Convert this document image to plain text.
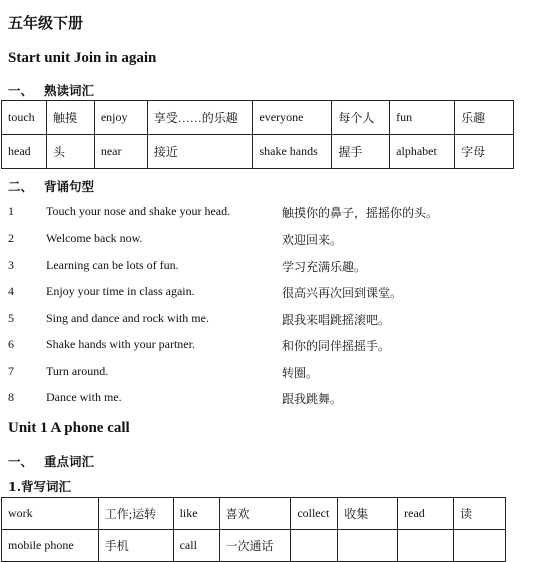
五年级下册
Start unit Join in again
一、 熟读词汇
touch	触摸	enjoy	享受……的乐趣	everyone	每个人	fun	乐趣
head	头	near	接近	shake hands	握手	alphabet	字母
二、 背诵句型
1	Touch your nose and shake your head.	触摸你的鼻子，摇摇你的头。
2	Welcome back now.	欢迎回来。
3	Learning can be lots of fun.	学习充满乐趣。
4	Enjoy your time in class again.	很高兴再次回到课堂。
5	Sing and dance and rock with me.	跟我来唱跳摇滚吧。
6	Shake hands with your partner.	和你的同伴摇摇手。
7	Turn around.	转圈。
8	Dance with me.	跟我跳舞。
Unit 1 A phone call
一、 重点词汇
1.背写词汇
work	工作;运转	like	喜欢	collect	收集	read	读
mobile phone	手机	call	一次通话				
